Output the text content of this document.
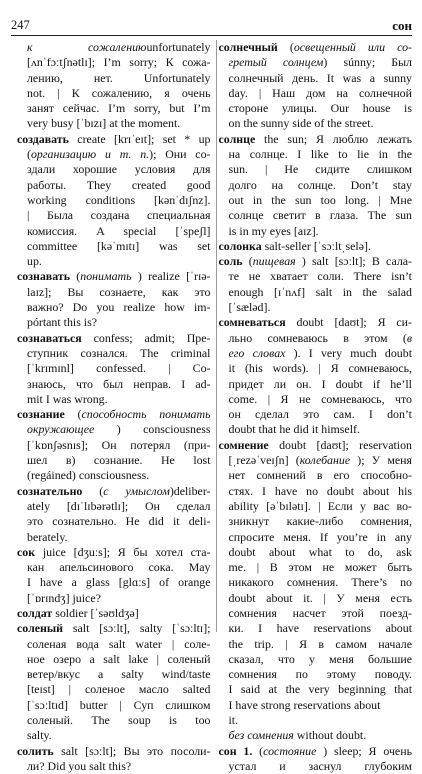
247	сон
к сожалениюunfortunately
[ʌnˈfɔːtʃnətlɪ]; I’m sorry; К сожа-
лению, нет. Unfortunately
not. | К сожалению, я очень
занят сейчас. I’m sorry, but I’m
very busy [ˈbɪzɪ] at the moment.
создавать create [krɪˈeɪt]; set * up
(организацию и т. п.); Они со-
здали хорошие условия для
работы. They created good
working conditions [kənˈdɪʃnz].
| Была создана специальная
комиссия. A special [ˈspeʃl]
committee [kəˈmɪtɪ] was set
up.
сознавать (понимать ) realize [ˈrɪə-
laɪz]; Вы сознаете, как это
важно? Do you realize how im-
pórtant this is?
сознаваться confess; admit; Пре-
ступник сознался. The criminal
[ˈkrɪmɪnl] confessed. | Со-
знаюсь, что был неправ. I ad-
mit I was wrong.
сознание (способность понимать
окружающее ) consciousness
[ˈkɒnʃəsnɪs]; Он потерял (при-
шел в) сознание. He lost
(regáined) consciousness.
сознательно (с умыслом)deliber-
ately [dɪˈlɪbərətlɪ]; Он сделал
это сознательно. He did it deli-
berately.
сок juice [dʒuːs]; Я бы хотел ста-
кан апельсинового сока. May
I have a glass [glɑːs] of orange
[ˈɒrɪndʒ] juice?
солдат soldier [ˈsəʊldʒə]
соленый salt [sɔːlt], salty [ˈsɔːltɪ];
соленая вода salt water | соле-
ное озеро a salt lake | соленый
ветер/вкус a salty wind/taste
[teɪst] | соленое масло salted
[ˈsɔːltɪd] butter | Суп слишком
соленый. The soup is too
salty.
солить salt [sɔːlt]; Вы это посоли-
ли? Did you salt this?
солнечный (освещенный или со-
гретый солнцем) súnny; Был
солнечный день. It was a sunny
day. | Наш дом на солнечной
стороне улицы. Our house is
on the sunny side of the street.
солнце the sun; Я люблю лежать
на солнце. I like to lie in the
sun. | Не сидите слишком
долго на солнце. Don’t stay
out in the sun too long. | Мне
солнце светит в глаза. The sun
is in my eyes [aɪz].
солонка salt-seller [ˈsɔːlt͵selə].
соль (пищевая ) salt [sɔːlt]; В сала-
те не хватает соли. There isn’t
enough [ɪˈnʌf] salt in the salad
[ˈsæləd].
сомневаться doubt [daʊt]; Я си-
льно сомневаюсь в этом (в
его словах ). I very much doubt
it (his words). | Я сомневаюсь,
придет ли он. I doubt if he’ll
come. | Я не сомневаюсь, что
он сделал это сам. I don’t
doubt that he did it himself.
сомнение doubt [daʊt]; reservation
[͵rezəˈveɪʃn] (колебание ); У меня
нет сомнений в его способно-
стях. I have no doubt about his
ability [əˈbɪlətɪ]. | Если у вас во-
зникнут какие-либо сомнения,
спросите меня. If you’re in any
doubt about what to do, ask
me. | В этом не может быть
никакого сомнения. There’s no
doubt about it. | У меня есть
сомнения насчет этой поезд-
ки. I have reservations about
the trip. | Я в самом начале
сказал, что у меня большие
сомнения по этому поводу.
I said at the very beginning that
I have strong reservations about
it.
без сомнения without doubt.
сон 1. (состояние ) sleep; Я очень
устал и заснул глубоким
